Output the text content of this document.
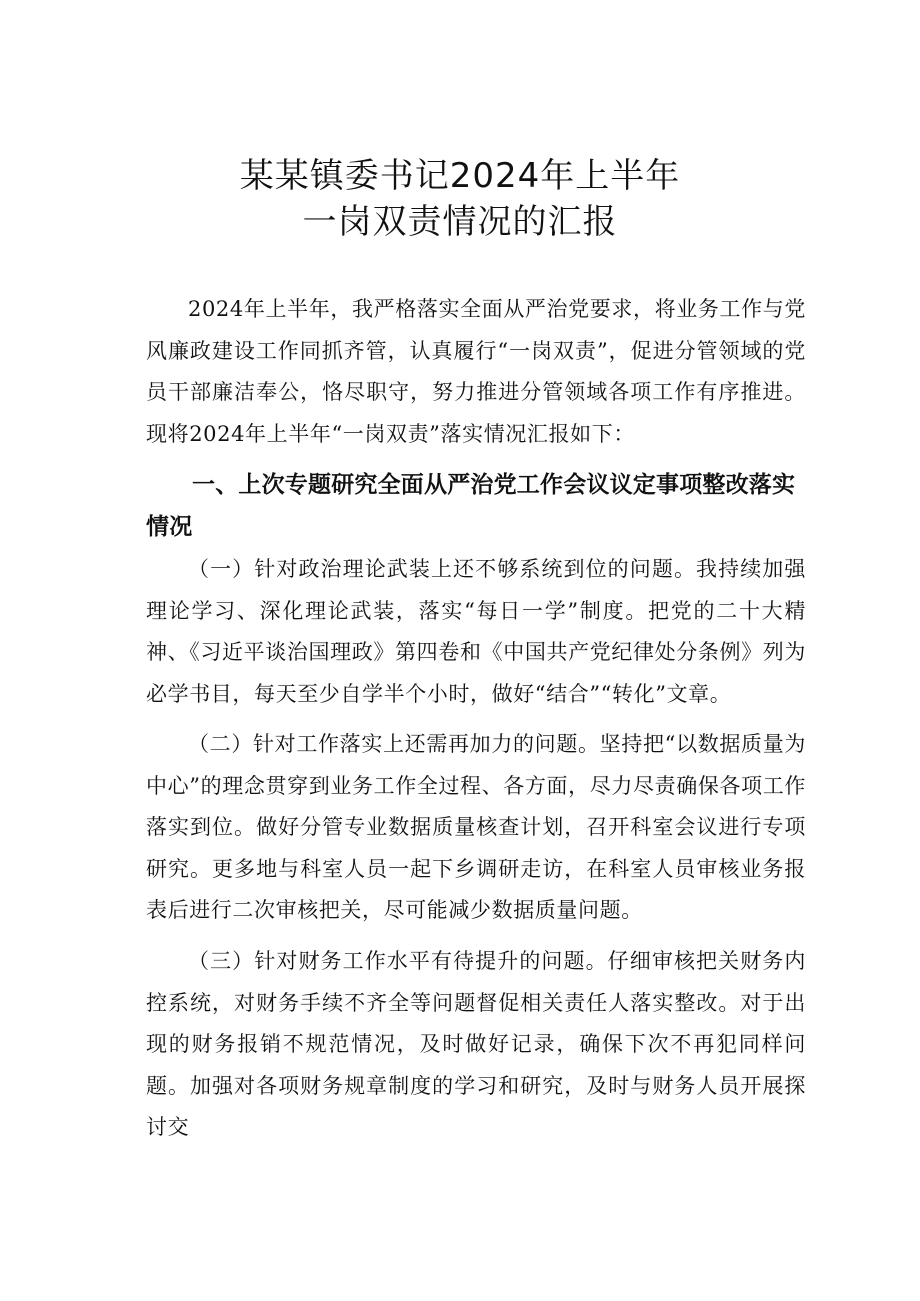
某某镇委书记2024年上半年
一岗双责情况的汇报

2024年上半年，我严格落实全面从严治党要求，将业务工作与党风廉政建设工作同抓齐管，认真履行“一岗双责”，促进分管领域的党员干部廉洁奉公，恪尽职守，努力推进分管领域各项工作有序推进。现将2024年上半年“一岗双责”落实情况汇报如下：

一、上次专题研究全面从严治党工作会议议定事项整改落实情况

（一）针对政治理论武装上还不够系统到位的问题。我持续加强理论学习、深化理论武装，落实“每日一学”制度。把党的二十大精神、《习近平谈治国理政》第四卷和《中国共产党纪律处分条例》列为必学书目，每天至少自学半个小时，做好“结合”“转化”文章。

（二）针对工作落实上还需再加力的问题。坚持把“以数据质量为中心”的理念贯穿到业务工作全过程、各方面，尽力尽责确保各项工作落实到位。做好分管专业数据质量核查计划，召开科室会议进行专项研究。更多地与科室人员一起下乡调研走访，在科室人员审核业务报表后进行二次审核把关，尽可能减少数据质量问题。

（三）针对财务工作水平有待提升的问题。仔细审核把关财务内控系统，对财务手续不齐全等问题督促相关责任人落实整改。对于出现的财务报销不规范情况，及时做好记录，确保下次不再犯同样问题。加强对各项财务规章制度的学习和研究，及时与财务人员开展探讨交
